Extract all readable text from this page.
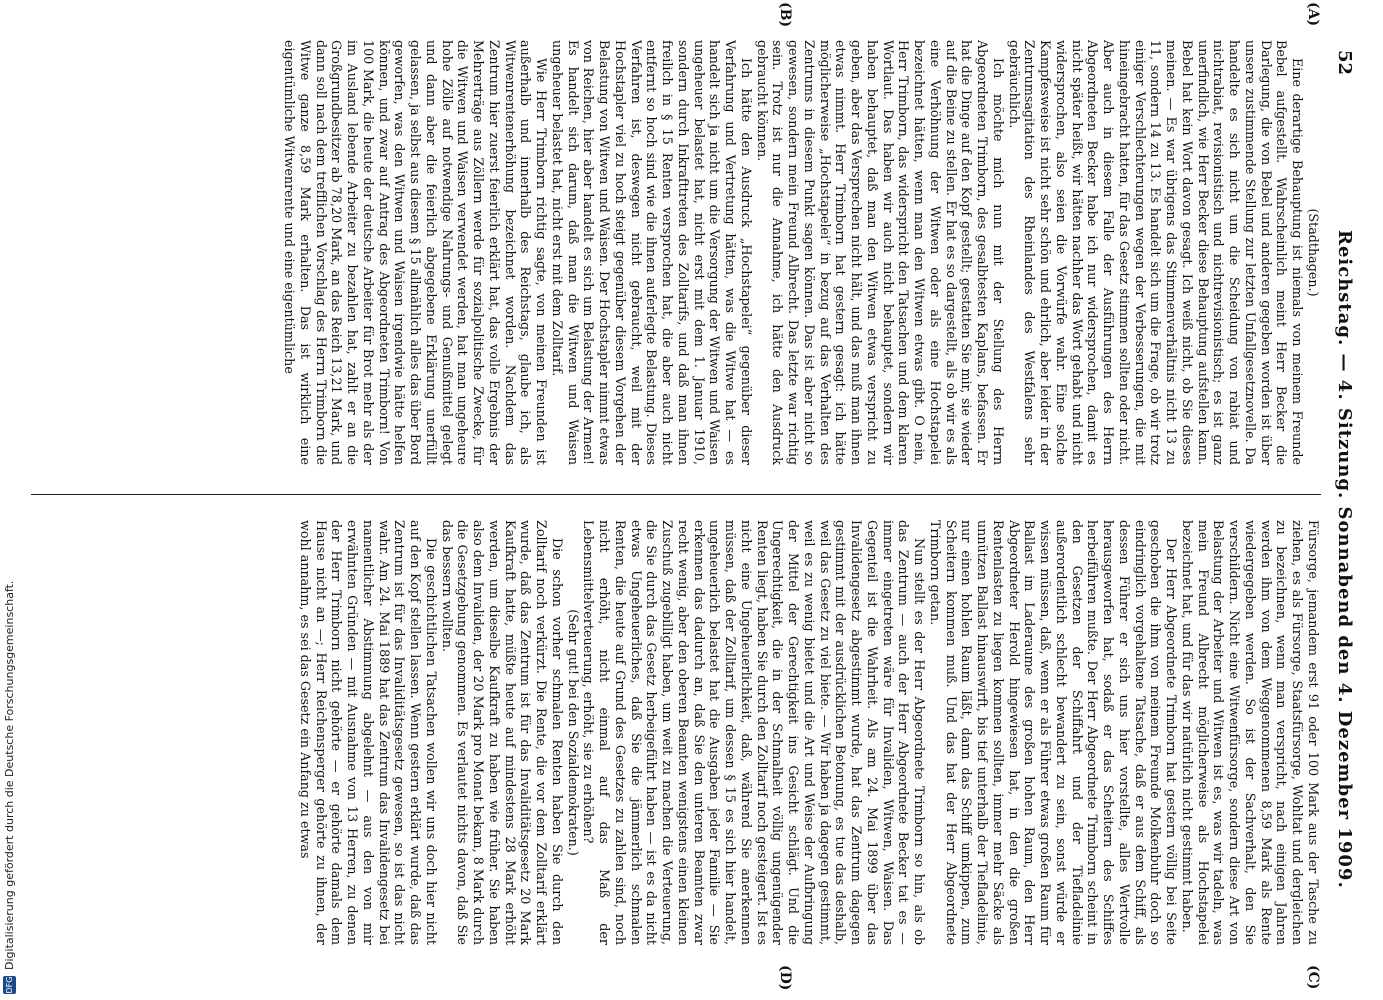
52
Reichstag. — 4. Sitzung. Sonnabend den 4. Dezember 1909.
(A)
(B)
(C)
(D)

(Stadthagen.)

Eine derartige Behauptung ist niemals von meinem Freunde Bebel aufgestellt. Wahrscheinlich meint Herr Becker die Darlegung, die von Bebel und anderen gegeben worden ist über unsere zustimmende Stellung zur letzten Unfallgesetznovelle. Da handelte es sich nicht um die Scheidung von rabiat und nichtrabiat, revisionistisch und nichtrevisionistisch; es ist ganz unerfindlich, wie Herr Becker diese Behauptung aufstellen kann. Bebel hat kein Wort davon gesagt. Ich weiß nicht, ob Sie dieses meinen. — Es war übrigens das Stimmenverhältnis nicht 13 zu 11, sondern 14 zu 13. Es handelt sich um die Frage, ob wir trotz einiger Verschlechterungen wegen der Verbesserungen, die mit hineingebracht hatten, für das Gesetz stimmen sollten oder nicht. Aber auch in diesem Falle der Ausführungen des Herrn Abgeordneten Becker habe ich nur widersprochen, damit es nicht später heißt, wir hätten nachher das Wort gehabt und nicht widersprochen, also seien die Vorwürfe wahr. Eine solche Kampfesweise ist nicht sehr schön und ehrlich, aber leider in der Zentrumsagitation des Rheinlandes des Westfalens sehr gebräuchlich.

Ich möchte mich nun mit der Stellung des Herrn Abgeordneten Trimborn, des gesalbtesten Kaplans, befassen. Er hat die Dinge auf den Kopf gestellt; gestatten Sie mir, sie wieder auf die Beine zu stellen. Er hat es so dargestellt, als ob wir es als eine Verhöhnung der Witwen oder als eine Hochstapelei bezeichnet hätten, wenn man den Witwen etwas gibt. O nein, Herr Trimborn, das widerspricht den Tatsachen und dem klaren Wortlaut. Das haben wir auch nicht behauptet, sondern wir haben behauptet, daß man den Witwen etwas verspricht zu geben, aber das Versprechen nicht hält, und das muß man ihnen etwas nimmt. Herr Trimborn hat gestern gesagt: ich hätte möglicherweise „Hochstapelei“ in bezug auf das Verhalten des Zentrums in diesem Punkt sagen können. Das ist aber nicht so gewesen, sondern mein Freund Albrecht. Das letzte war richtig sein. Trotz ist nur die Annahme, ich hätte den Ausdruck gebraucht können.

Ich hätte den Ausdruck „Hochstapelei“ gegenüber dieser Verfahrung und Vertretung hätten, was die Witwe hat — es handelt sich ja nicht um die Versorgung der Witwen und Waisen ungeheuer belastet hat, nicht erst mit dem 1. Januar 1910, sondern durch Inkrafttreten des Zolltarifs, und daß man ihnen freilich in § 15 Renten versprochen hat, die aber auch nicht entfernt so hoch sind wie die ihnen auferlegte Belastung. Dieses Verfahren ist, deswegen nicht gebraucht, weil mit der Hochstapler viel zu hoch steigt gegenüber diesem Vorgehen der Belastung von Witwen und Waisen. Der Hochstapler nimmt etwas von Reichen, hier aber handelt es sich um Belastung der Armen! Es handelt sich darum, daß man die Witwen und Waisen ungeheuer belastet hat, nicht erst mit dem Zolltarif.

Wie Herr Trimborn richtig sagte, von meinen Freunden ist außerhalb und innerhalb des Reichstags, glaube ich, als Witwenrentenerhöhung bezeichnet worden. Nachdem das Zentrum hier zuerst feierlich erklärt hat, das volle Ergebnis der Mehrerträge aus Zöllern werde für sozialpolitische Zwecke, für die Witwen und Waisen verwendet werden, hat man ungeheure hohe Zölle auf notwendige Nahrungs- und Genußmittel gelegt und dann aber die feierlich abgegebene Erklärung unerfüllt gelassen, ja selbst aus diesem § 15 allmählich alles das über Bord geworfen, was den Witwen und Waisen irgendwie hätte helfen können, und zwar auf Antrag des Abgeordneten Trimborn! Von 100 Mark, die heute der deutsche Arbeiter für Brot mehr als der im Ausland lebende Arbeiter zu bezahlen hat, zahlt er an die Großgrundbesitzer ab 78,20 Mark, an das Reich 13,21 Mark, und dann soll nach dem trefflichen Vorschlag des Herrn Trimborn die Witwe ganze 8,59 Mark erhalten. Das ist wirklich eine eigentümliche Witwenrente und eine eigentümliche

Fürsorge, jemandem erst 91 oder 100 Mark aus der Tasche zu ziehen, es als Fürsorge, Staatsfürsorge, Wohltat und dergleichen zu bezeichnen, wenn man verspricht, nach einigen Jahren werden ihm von dem Weggenommenen 8,59 Mark als Rente wiedergegeben werden. So ist der Sachverhalt, den Sie verschildern. Nicht eine Witwenfürsorge, sondern diese Art von Belastung der Arbeiter und Witwen ist es, was wir tadeln, was mein Freund Albrecht möglicherweise als Hochstapelei bezeichnet hat, und für das wir natürlich nicht gestimmt haben.

Der Herr Abgeordnete Trimborn hat gestern völlig bei Seite geschoben die ihm von meinem Freunde Molkenbuhr doch so eindringlich vorgehaltene Tatsache, daß er aus dem Schiff, als dessen Führer er sich uns hier vorstellte, alles Wertvolle herausgeworfen hat, sodaß er das Scheitern des Schiffes herbeiführen mußte. Der Herr Abgeordnete Trimborn scheint in den Gesetzen der Schiffahrt und der Tiefladelinie außerordentlich schlecht bewandert zu sein, sonst würde er wissen müssen, daß, wenn er als Führer etwas großen Raum für Ballast im Laderaume des großen hohen Raum, den Herr Abgeordneter Herold hingewiesen hat, in den die großen Rentenlasten zu liegen kommen sollten, immer mehr Säcke als unnützen Ballast hinauswirft, bis tief unterhalb der Tiefladelinie, nur einen hohlen Raum läßt, dann das Schiff umkippen, zum Scheitern kommen muß. Und das hat der Herr Abgeordnete Trimborn getan.

Nun stellt es der Herr Abgeordnete Trimborn so hin, als ob das Zentrum — auch der Herr Abgeordnete Becker tat es — immer eingetreten wäre für Invaliden, Witwen, Waisen. Das Gegenteil ist die Wahrheit. Als am 24. Mai 1899 über das Invalidengesetz abgestimmt wurde, hat das Zentrum dagegen gestimmt mit der ausdrücklichen Betonung, es tue das deshalb, weil das Gesetz zu viel biete. — Wir haben ja dagegen gestimmt, weil es zu wenig bietet und die Art und Weise der Aufbringung der Mittel der Gerechtigkeit ins Gesicht schlägt. Und die Ungerechtigkeit, die in der Schmalheit völlig ungenügender Renten liegt, haben Sie durch den Zolltarif noch gesteigert. Ist es nicht eine Ungeheuerlichkeit, daß, während Sie anerkennen müssen, daß der Zolltarif, um dessen § 15 es sich hier handelt, ungeheuerlich belastet hat die Ausgaben jeder Familie — Sie erkennen das dadurch an, daß Sie den unteren Beamten zwar recht wenig, aber den oberen Beamten wenigstens einen kleinen Zuschuß zugebilligt haben, um weit zu machen die Verteuerung, die Sie durch das Gesetz herbeigeführt haben — ist es da nicht etwas Ungeheuerliches, daß Sie die jämmerlich schmalen Renten, die heute auf Grund des Gesetzes zu zahlen sind, noch nicht erhöht, nicht einmal auf das Maß der Lebensmittelverteuerung, erhöht, sie zu erhöhen?

(Sehr gut! bei den Sozialdemokraten.)

Die schon vorher schmalen Renten haben Sie durch den Zolltarif noch verkürzt. Die Rente, die vor dem Zolltarif erklärt wurde, daß das Zentrum ist für das Invaliditätsgesetz 20 Mark Kaufkraft hatte, müßte heute auf mindestens 28 Mark erhöht werden, um dieselbe Kaufkraft zu haben wie früher. Sie haben also dem Invaliden, der 20 Mark pro Monat bekam, 8 Mark durch die Gesetzgebung genommen. Es verlautet nichts davon, daß Sie das bessern wollten.

Die geschichtlichen Tatsachen wollen wir uns doch hier nicht auf den Kopf stellen lassen. Wenn gestern erklärt wurde, daß das Zentrum ist für das Invaliditätsgesetz gewesen, so ist das nicht wahr. Am 24. Mai 1889 hat das Zentrum das Invalidengesetz bei namentlicher Abstimmung abgelehnt — aus den von mir erwähnten Gründen — mit Ausnahme von 13 Herren, zu denen der Herr Trimborn nicht gehörte — er gehörte damals dem Hause nicht an —; Herr Reichensperger gehörte zu ihnen, der wohl annahm, es sei das Gesetz ein Anfang zu etwas

DFG
Digitalisierung gefördert durch die Deutsche Forschungsgemeinschaft.
